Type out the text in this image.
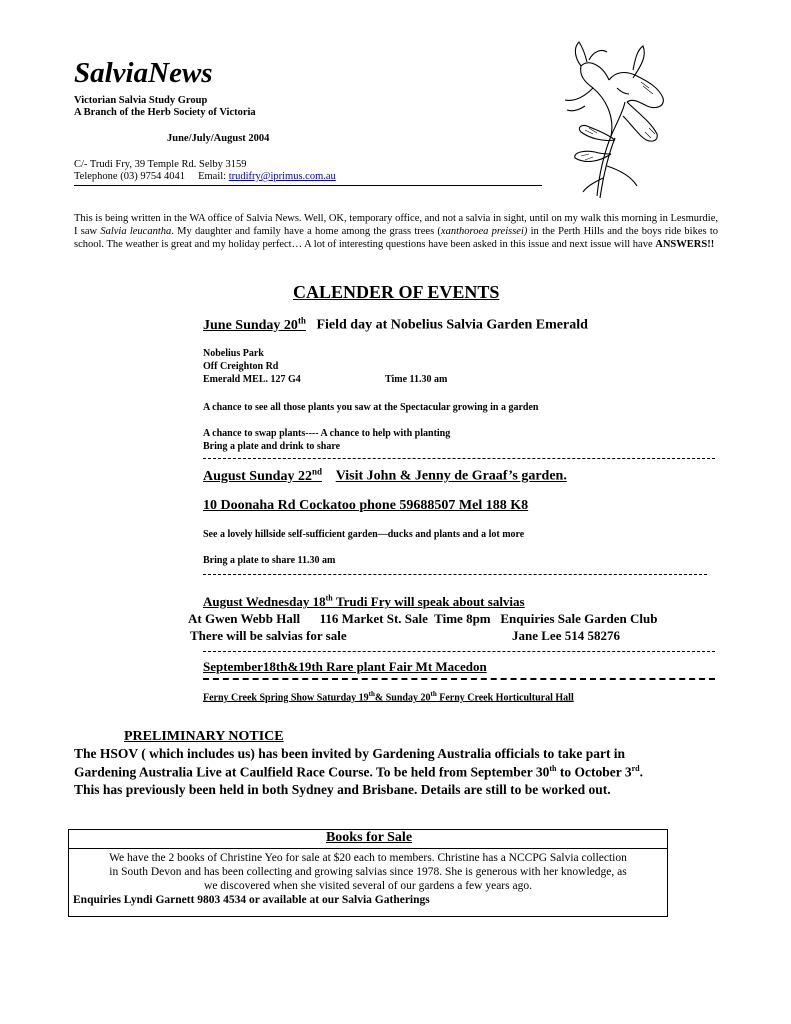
SalviaNews
Victorian Salvia Study Group
A Branch of the Herb Society of Victoria
June/July/August 2004
C/- Trudi Fry, 39 Temple Rd. Selby 3159
Telephone (03) 9754 4041 Email: trudifry@iprimus.com.au
This is being written in the WA office of Salvia News. Well, OK, temporary office, and not a salvia in sight, until on my walk this morning in Lesmurdie, I saw Salvia leucantha. My daughter and family have a home among the grass trees (xanthoroea preissei) in the Perth Hills and the boys ride bikes to school. The weather is great and my holiday perfect… A lot of interesting questions have been asked in this issue and next issue will have ANSWERS!!
CALENDER OF EVENTS
June Sunday 20th Field day at Nobelius Salvia Garden Emerald
Nobelius Park
Off Creighton Rd
Emerald MEL. 127 G4	Time 11.30 am
A chance to see all those plants you saw at the Spectacular growing in a garden
A chance to swap plants---- A chance to help with planting
Bring a plate and drink to share
August Sunday 22nd Visit John & Jenny de Graaf’s garden.
10 Doonaha Rd Cockatoo phone 59688507 Mel 188 K8
See a lovely hillside self-sufficient garden—ducks and plants and a lot more
Bring a plate to share 11.30 am
August Wednesday 18th Trudi Fry will speak about salvias
At Gwen Webb Hall      116 Market St. Sale  Time 8pm   Enquiries Sale Garden Club
There will be salvias for sale	Jane Lee 514 58276
September18th&19th Rare plant Fair Mt Macedon
Ferny Creek Spring Show Saturday 19th& Sunday 20th Ferny Creek Horticultural Hall
PRELIMINARY NOTICE
The HSOV ( which includes us) has been invited by Gardening Australia officials to take part in
Gardening Australia Live at Caulfield Race Course. To be held from September 30th to October 3rd.
This has previously been held in both Sydney and Brisbane. Details are still to be worked out.
Books for Sale
We have the 2 books of Christine Yeo for sale at $20 each to members. Christine has a NCCPG Salvia collection
in South Devon and has been collecting and growing salvias since 1978. She is generous with her knowledge, as
we discovered when she visited several of our gardens a few years ago.
Enquiries Lyndi Garnett 9803 4534 or available at our Salvia Gatherings
